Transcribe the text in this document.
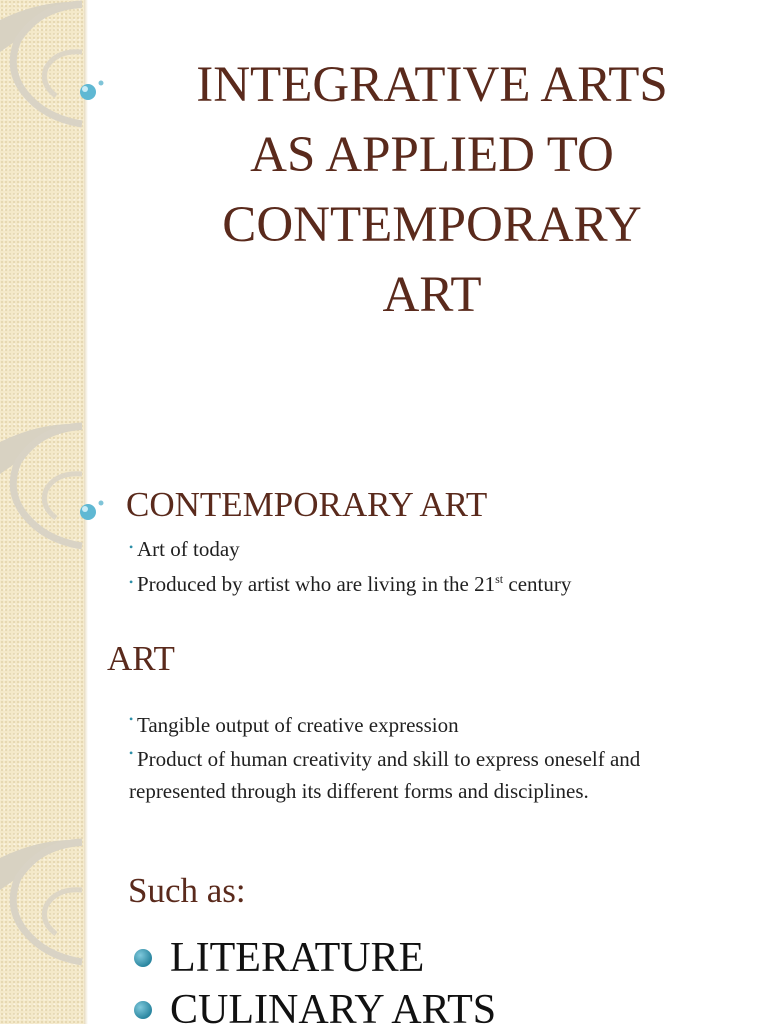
INTEGRATIVE ARTS
AS APPLIED TO
CONTEMPORARY
ART
CONTEMPORARY ART
• Art of today
• Produced by artist who are living in the 21st century
ART
• Tangible output of creative expression
• Product of human creativity and skill to express oneself and represented through its different forms and disciplines.
Such as:
LITERATURE
CULINARY ARTS
